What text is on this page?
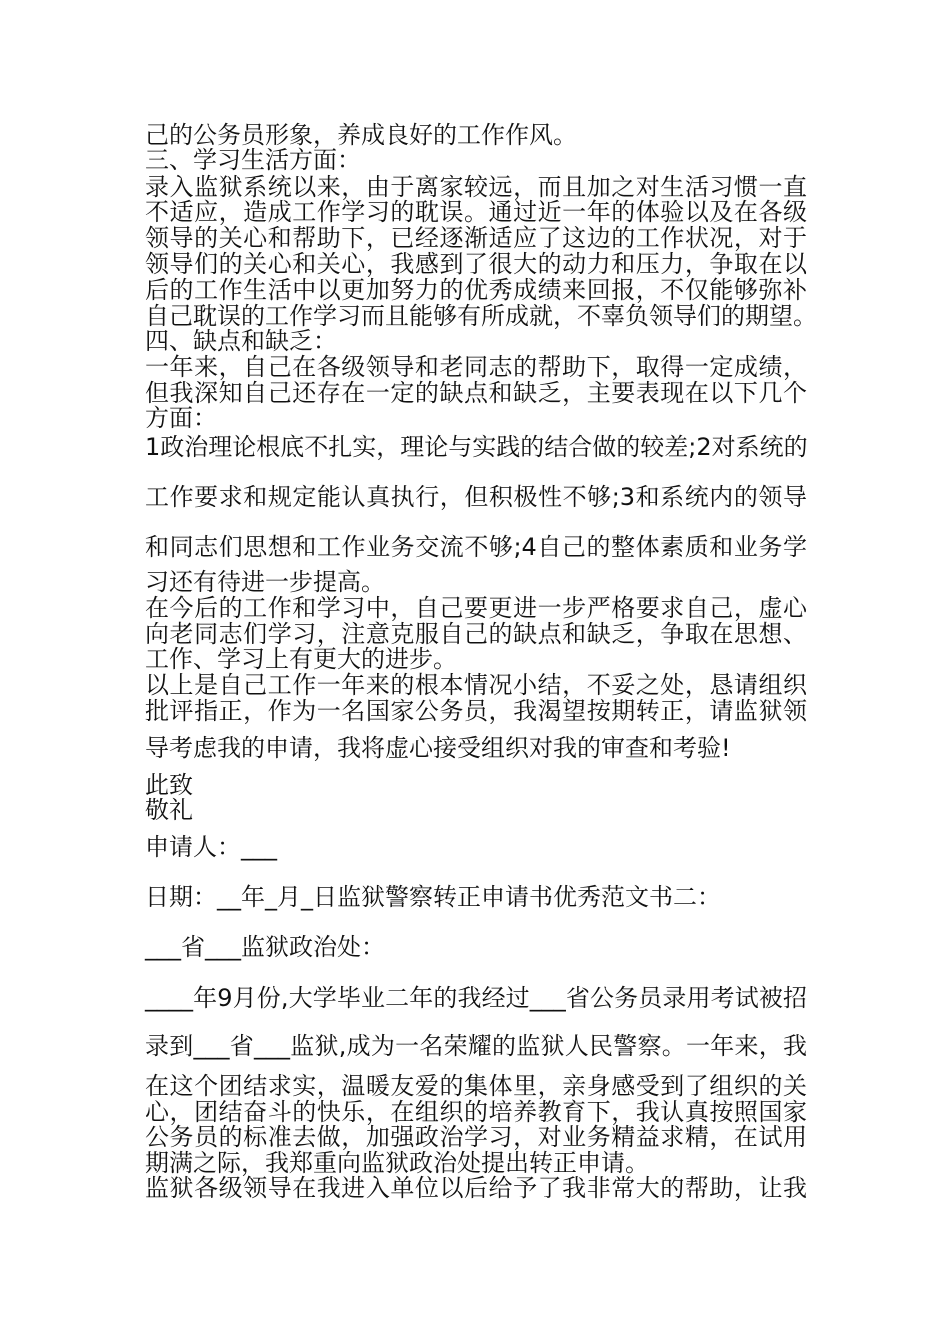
己的公务员形象，养成良好的工作作风。
三、学习生活方面：
录入监狱系统以来，由于离家较远，而且加之对生活习惯一直
不适应，造成工作学习的耽误。通过近一年的体验以及在各级
领导的关心和帮助下，已经逐渐适应了这边的工作状况，对于
领导们的关心和关心，我感到了很大的动力和压力，争取在以
后的工作生活中以更加努力的优秀成绩来回报，不仅能够弥补
自己耽误的工作学习而且能够有所成就，不辜负领导们的期望。
四、缺点和缺乏：
一年来，自己在各级领导和老同志的帮助下，取得一定成绩，
但我深知自己还存在一定的缺点和缺乏，主要表现在以下几个
方面：
1政治理论根底不扎实，理论与实践的结合做的较差;2对系统的
工作要求和规定能认真执行，但积极性不够;3和系统内的领导
和同志们思想和工作业务交流不够;4自己的整体素质和业务学
习还有待进一步提高。
在今后的工作和学习中，自己要更进一步严格要求自己，虚心
向老同志们学习，注意克服自己的缺点和缺乏，争取在思想、
工作、学习上有更大的进步。
以上是自己工作一年来的根本情况小结，不妥之处，恳请组织
批评指正，作为一名国家公务员，我渴望按期转正，请监狱领
导考虑我的申请，我将虚心接受组织对我的审查和考验!
此致
敬礼
申请人：___
日期：__年_月_日监狱警察转正申请书优秀范文书二：
___省___监狱政治处：
____年9月份,大学毕业二年的我经过___省公务员录用考试被招
录到___省___监狱,成为一名荣耀的监狱人民警察。一年来，我
在这个团结求实，温暖友爱的集体里，亲身感受到了组织的关
心，团结奋斗的快乐，在组织的培养教育下，我认真按照国家
公务员的标准去做，加强政治学习，对业务精益求精，在试用
期满之际，我郑重向监狱政治处提出转正申请。
监狱各级领导在我进入单位以后给予了我非常大的帮助，让我
